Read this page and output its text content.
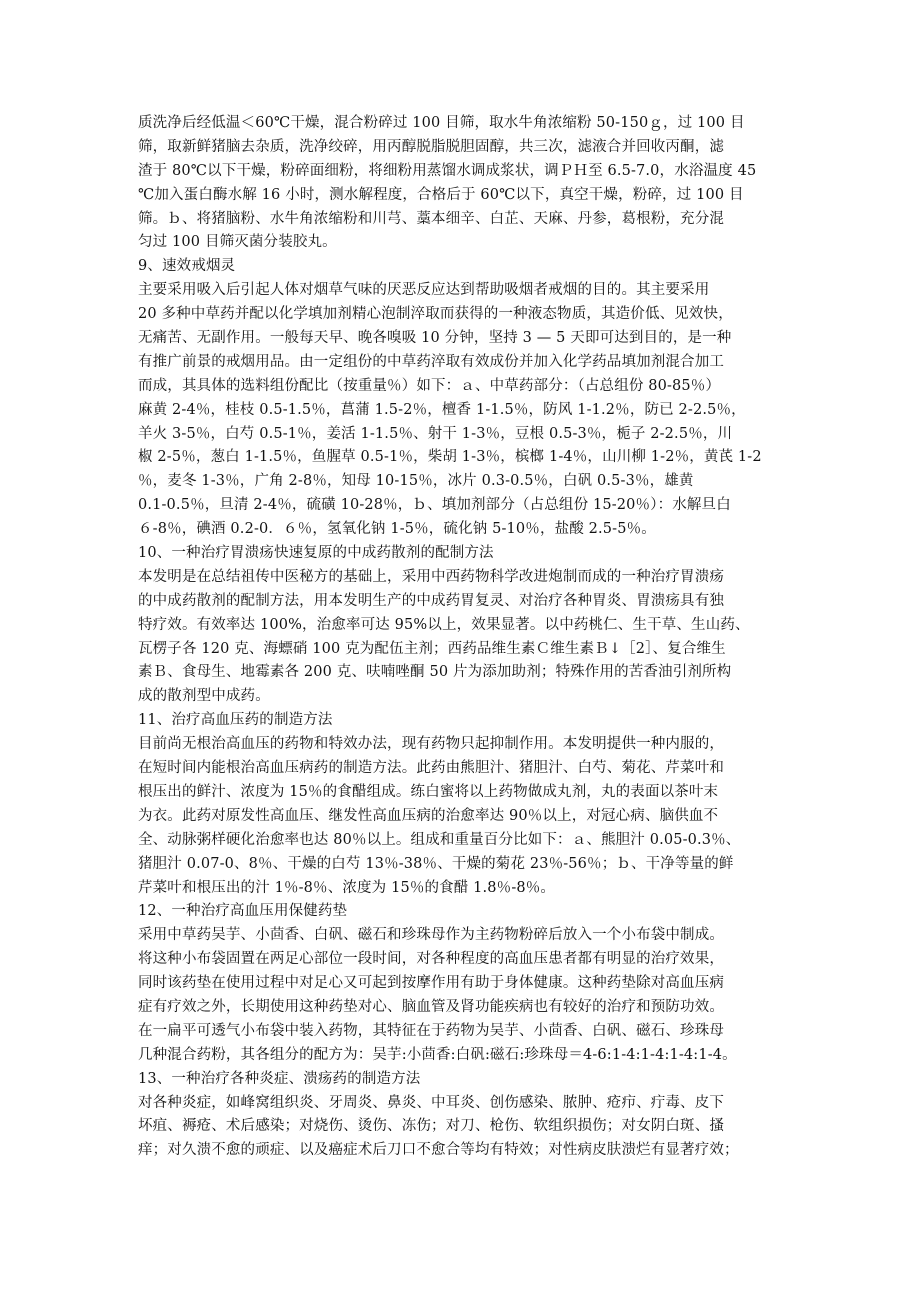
质洗净后经低温＜60℃干燥，混合粉碎过 100 目筛，取水牛角浓缩粉 50-150ｇ，过 100 目
筛，取新鲜猪脑去杂质，洗净绞碎，用丙醇脱脂脱胆固醇，共三次，滤液合并回收丙酮，滤
渣于 80℃以下干燥，粉碎面细粉，将细粉用蒸馏水调成浆状，调ＰＨ至 6.5-7.0，水浴温度 45
℃加入蛋白酶水解 16 小时，测水解程度，合格后于 60℃以下，真空干燥，粉碎，过 100 目
筛。ｂ、将猪脑粉、水牛角浓缩粉和川芎、藁本细辛、白芷、天麻、丹参，葛根粉，充分混
匀过 100 目筛灭菌分装胶丸。
9、速效戒烟灵
主要采用吸入后引起人体对烟草气味的厌恶反应达到帮助吸烟者戒烟的目的。其主要采用
20 多种中草药并配以化学填加剂精心泡制淬取而获得的一种液态物质，其造价低、见效快，
无痛苦、无副作用。一般每天早、晚各嗅吸 10 分钟，坚持 3 — 5 天即可达到目的，是一种
有推广前景的戒烟用品。由一定组份的中草药淬取有效成份并加入化学药品填加剂混合加工
而成，其具体的选料组份配比（按重量％）如下：ａ、中草药部分：（占总组份 80-85％）
麻黄 2-4％，桂枝 0.5-1.5％，菖蒲 1.5-2％，檀香 1-1.5％，防风 1-1.2％，防已 2-2.5％，
羊火 3-5％，白芍 0.5-1％，姜活 1-1.5％、射干 1-3％，豆根 0.5-3％，栀子 2-2.5％，川
椒 2-5％，葱白 1-1.5％，鱼腥草 0.5-1％，柴胡 1-3％，槟榔 1-4％，山川柳 1-2％，黄芪 1-2
％，麦冬 1-3％，广角 2-8％，知母 10-15％，冰片 0.3-0.5％，白矾 0.5-3％，雄黄
0.1-0.5％，旦清 2-4％，硫磺 10-28％，ｂ、填加剂部分（占总组份 15-20％）：水解旦白
６-8％，碘酒 0.2-0．６％，氢氧化钠 1-5％，硫化钠 5-10％，盐酸 2.5-5％。
10、一种治疗胃溃疡快速复原的中成药散剂的配制方法
本发明是在总结祖传中医秘方的基础上，采用中西药物科学改进炮制而成的一种治疗胃溃疡
的中成药散剂的配制方法，用本发明生产的中成药胃复灵、对治疗各种胃炎、胃溃疡具有独
特疗效。有效率达 100%，治愈率可达 95%以上，效果显著。以中药桃仁、生干草、生山药、
瓦楞子各 120 克、海螵硝 100 克为配伍主剂；西药品维生素Ｃ维生素Ｂ↓［2］、复合维生
素Ｂ、食母生、地霉素各 200 克、呋喃唑酮 50 片为添加助剂；特殊作用的苦香油引剂所构
成的散剂型中成药。
11、治疗高血压药的制造方法
目前尚无根治高血压的药物和特效办法，现有药物只起抑制作用。本发明提供一种内服的，
在短时间内能根治高血压病药的制造方法。此药由熊胆汁、猪胆汁、白芍、菊花、芹菜叶和
根压出的鲜汁、浓度为 15％的食醋组成。练白蜜将以上药物做成丸剂，丸的表面以茶叶末
为衣。此药对原发性高血压、继发性高血压病的治愈率达 90％以上，对冠心病、脑供血不
全、动脉粥样硬化治愈率也达 80％以上。组成和重量百分比如下：ａ、熊胆汁 0.05-0.3％、
猪胆汁 0.07-0、8％、干燥的白芍 13％-38％、干燥的菊花 23％-56％；ｂ、干净等量的鲜
芹菜叶和根压出的汁 1％-8％、浓度为 15％的食醋 1.8％-8％。
12、一种治疗高血压用保健药垫
采用中草药吴芋、小茴香、白矾、磁石和珍珠母作为主药物粉碎后放入一个小布袋中制成。
将这种小布袋固置在两足心部位一段时间，对各种程度的高血压患者都有明显的治疗效果，
同时该药垫在使用过程中对足心又可起到按摩作用有助于身体健康。这种药垫除对高血压病
症有疗效之外，长期使用这种药垫对心、脑血管及肾功能疾病也有较好的治疗和预防功效。
在一扁平可透气小布袋中装入药物，其特征在于药物为吴芋、小茴香、白矾、磁石、珍珠母
几种混合药粉，其各组分的配方为：吴芋:小茴香:白矾:磁石:珍珠母＝4-6:1-4:1-4:1-4:1-4。
13、一种治疗各种炎症、溃疡药的制造方法
对各种炎症，如峰窝组织炎、牙周炎、鼻炎、中耳炎、创伤感染、脓肿、疮疖、疔毒、皮下
坏疽、褥疮、术后感染；对烧伤、烫伤、冻伤；对刀、枪伤、软组织损伤；对女阴白斑、搔
痒；对久溃不愈的顽症、以及癌症术后刀口不愈合等均有特效；对性病皮肤溃烂有显著疗效；
